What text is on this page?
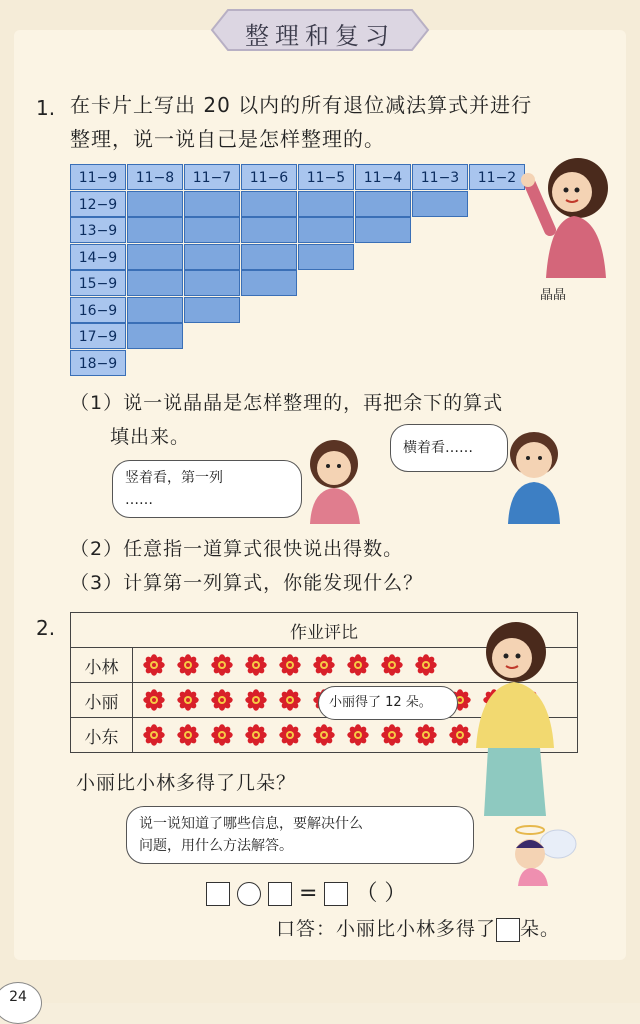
整理和复习
1. 在卡片上写出 20 以内的所有退位减法算式并进行
整理，说一说自己是怎样整理的。
11−9	11−8	11−7	11−6	11−5	11−4	11−3	11−2
12−9
13−9
14−9
15−9
16−9
17−9
18−9
晶晶
（1）说一说晶晶是怎样整理的，再把余下的算式
填出来。
竖着看，第一列
……
横着看……
（2）任意指一道算式很快说出得数。
（3）计算第一列算式，你能发现什么？
2.	作业评比	
小林	

小丽	

小东	
小丽得了 12 朵。
小丽比小林多得了几朵？
说一说知道了哪些信息，要解决什么
问题，用什么方法解答。
= （ ）
口答：小丽比小林多得了 朵。
24
